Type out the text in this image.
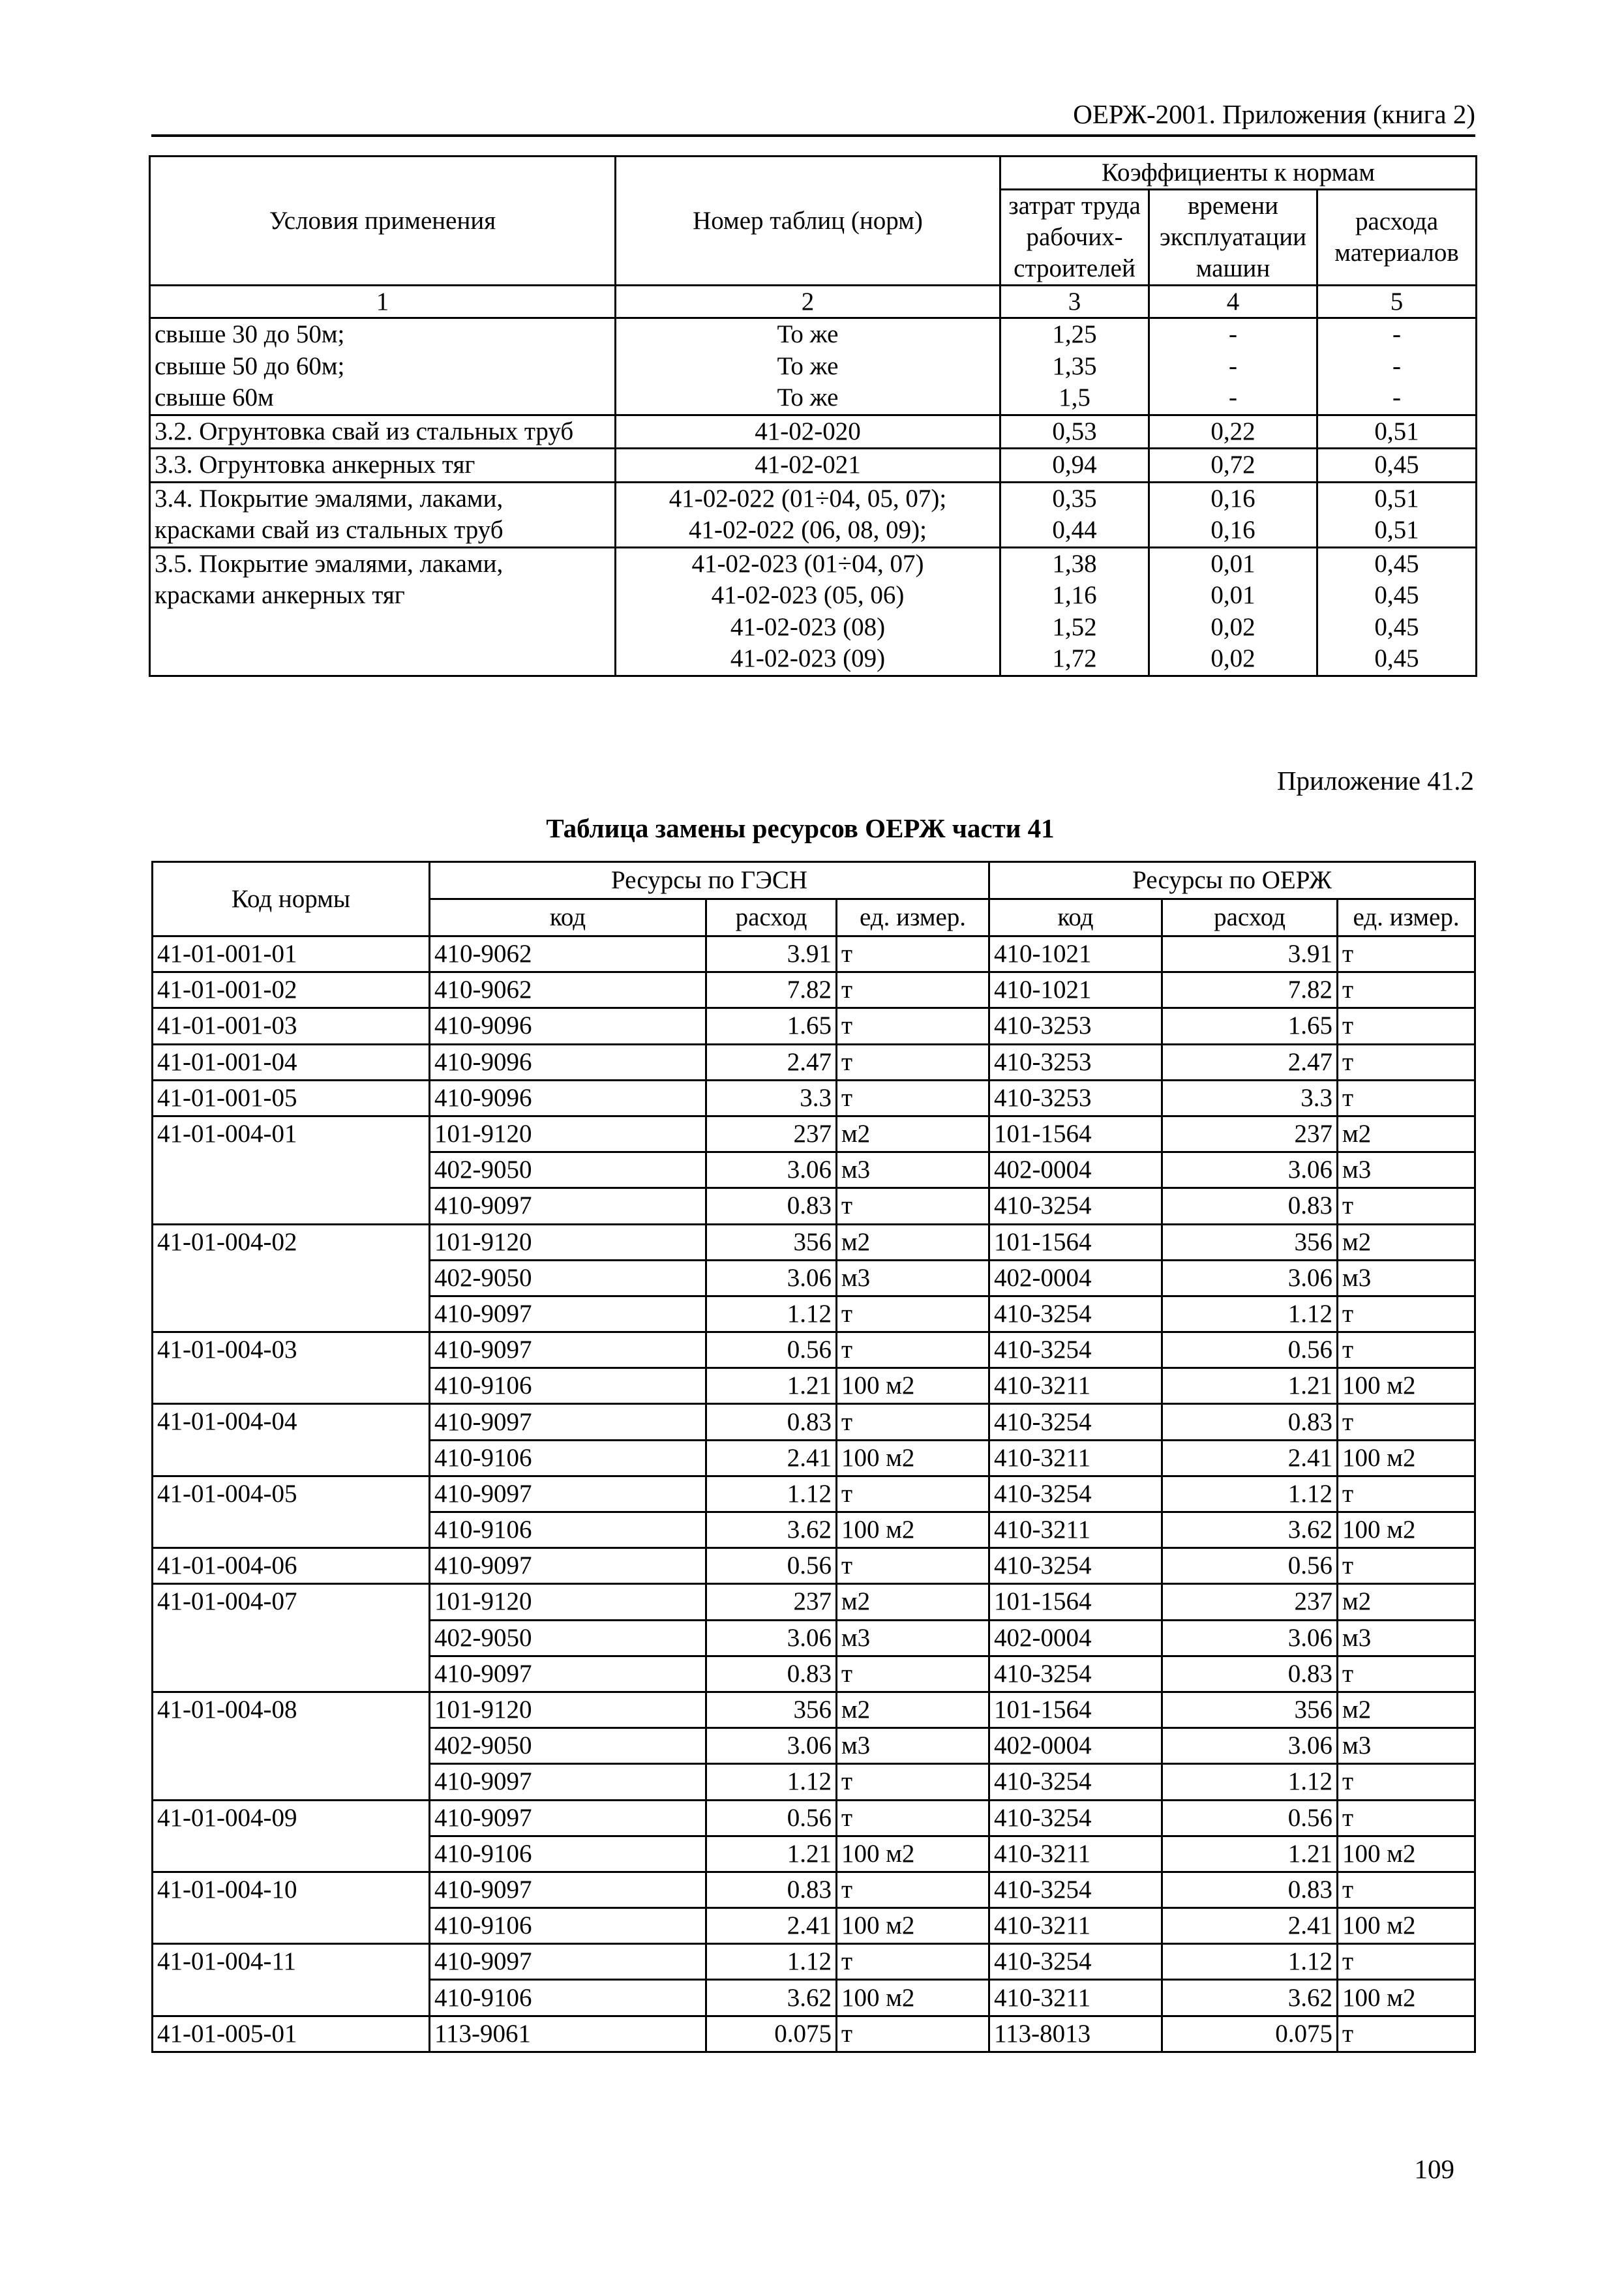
ОЕРЖ-2001. Приложения (книга 2)
Условия применения	Номер таблиц (норм)	Коэффициенты к нормам		
		затрат труда рабочих-строителей	времени эксплуатации машин	расхода материалов
1	2	3	4	5
свыше 30 до 50м;	То же	1,25	-	-
свыше 50 до 60м;	То же	1,35	-	-
свыше 60м	То же	1,5	-	-
3.2. Огрунтовка свай из стальных труб	41-02-020	0,53	0,22	0,51
3.3. Огрунтовка анкерных тяг	41-02-021	0,94	0,72	0,45
3.4. Покрытие эмалями, лаками,	41-02-022 (01÷04, 05, 07);	0,35	0,16	0,51
красками свай из стальных труб	41-02-022 (06, 08, 09);	0,44	0,16	0,51
3.5. Покрытие эмалями, лаками,	41-02-023 (01÷04, 07)	1,38	0,01	0,45
красками анкерных тяг	41-02-023 (05, 06)	1,16	0,01	0,45
	41-02-023 (08)	1,52	0,02	0,45
	41-02-023 (09)	1,72	0,02	0,45
Приложение 41.2
Таблица замены ресурсов ОЕРЖ части 41
Код нормы	Ресурсы по ГЭСН			Ресурсы по ОЕРЖ		
	код	расход	ед. измер.	код	расход	ед. измер.
41-01-001-01	410-9062	3.91	т	410-1021	3.91	т
41-01-001-02	410-9062	7.82	т	410-1021	7.82	т
41-01-001-03	410-9096	1.65	т	410-3253	1.65	т
41-01-001-04	410-9096	2.47	т	410-3253	2.47	т
41-01-001-05	410-9096	3.3	т	410-3253	3.3	т
41-01-004-01	101-9120	237	м2	101-1564	237	м2
	402-9050	3.06	м3	402-0004	3.06	м3
	410-9097	0.83	т	410-3254	0.83	т
41-01-004-02	101-9120	356	м2	101-1564	356	м2
	402-9050	3.06	м3	402-0004	3.06	м3
	410-9097	1.12	т	410-3254	1.12	т
41-01-004-03	410-9097	0.56	т	410-3254	0.56	т
	410-9106	1.21	100 м2	410-3211	1.21	100 м2
41-01-004-04	410-9097	0.83	т	410-3254	0.83	т
	410-9106	2.41	100 м2	410-3211	2.41	100 м2
41-01-004-05	410-9097	1.12	т	410-3254	1.12	т
	410-9106	3.62	100 м2	410-3211	3.62	100 м2
41-01-004-06	410-9097	0.56	т	410-3254	0.56	т
41-01-004-07	101-9120	237	м2	101-1564	237	м2
	402-9050	3.06	м3	402-0004	3.06	м3
	410-9097	0.83	т	410-3254	0.83	т
41-01-004-08	101-9120	356	м2	101-1564	356	м2
	402-9050	3.06	м3	402-0004	3.06	м3
	410-9097	1.12	т	410-3254	1.12	т
41-01-004-09	410-9097	0.56	т	410-3254	0.56	т
	410-9106	1.21	100 м2	410-3211	1.21	100 м2
41-01-004-10	410-9097	0.83	т	410-3254	0.83	т
	410-9106	2.41	100 м2	410-3211	2.41	100 м2
41-01-004-11	410-9097	1.12	т	410-3254	1.12	т
	410-9106	3.62	100 м2	410-3211	3.62	100 м2
41-01-005-01	113-9061	0.075	т	113-8013	0.075	т
109
